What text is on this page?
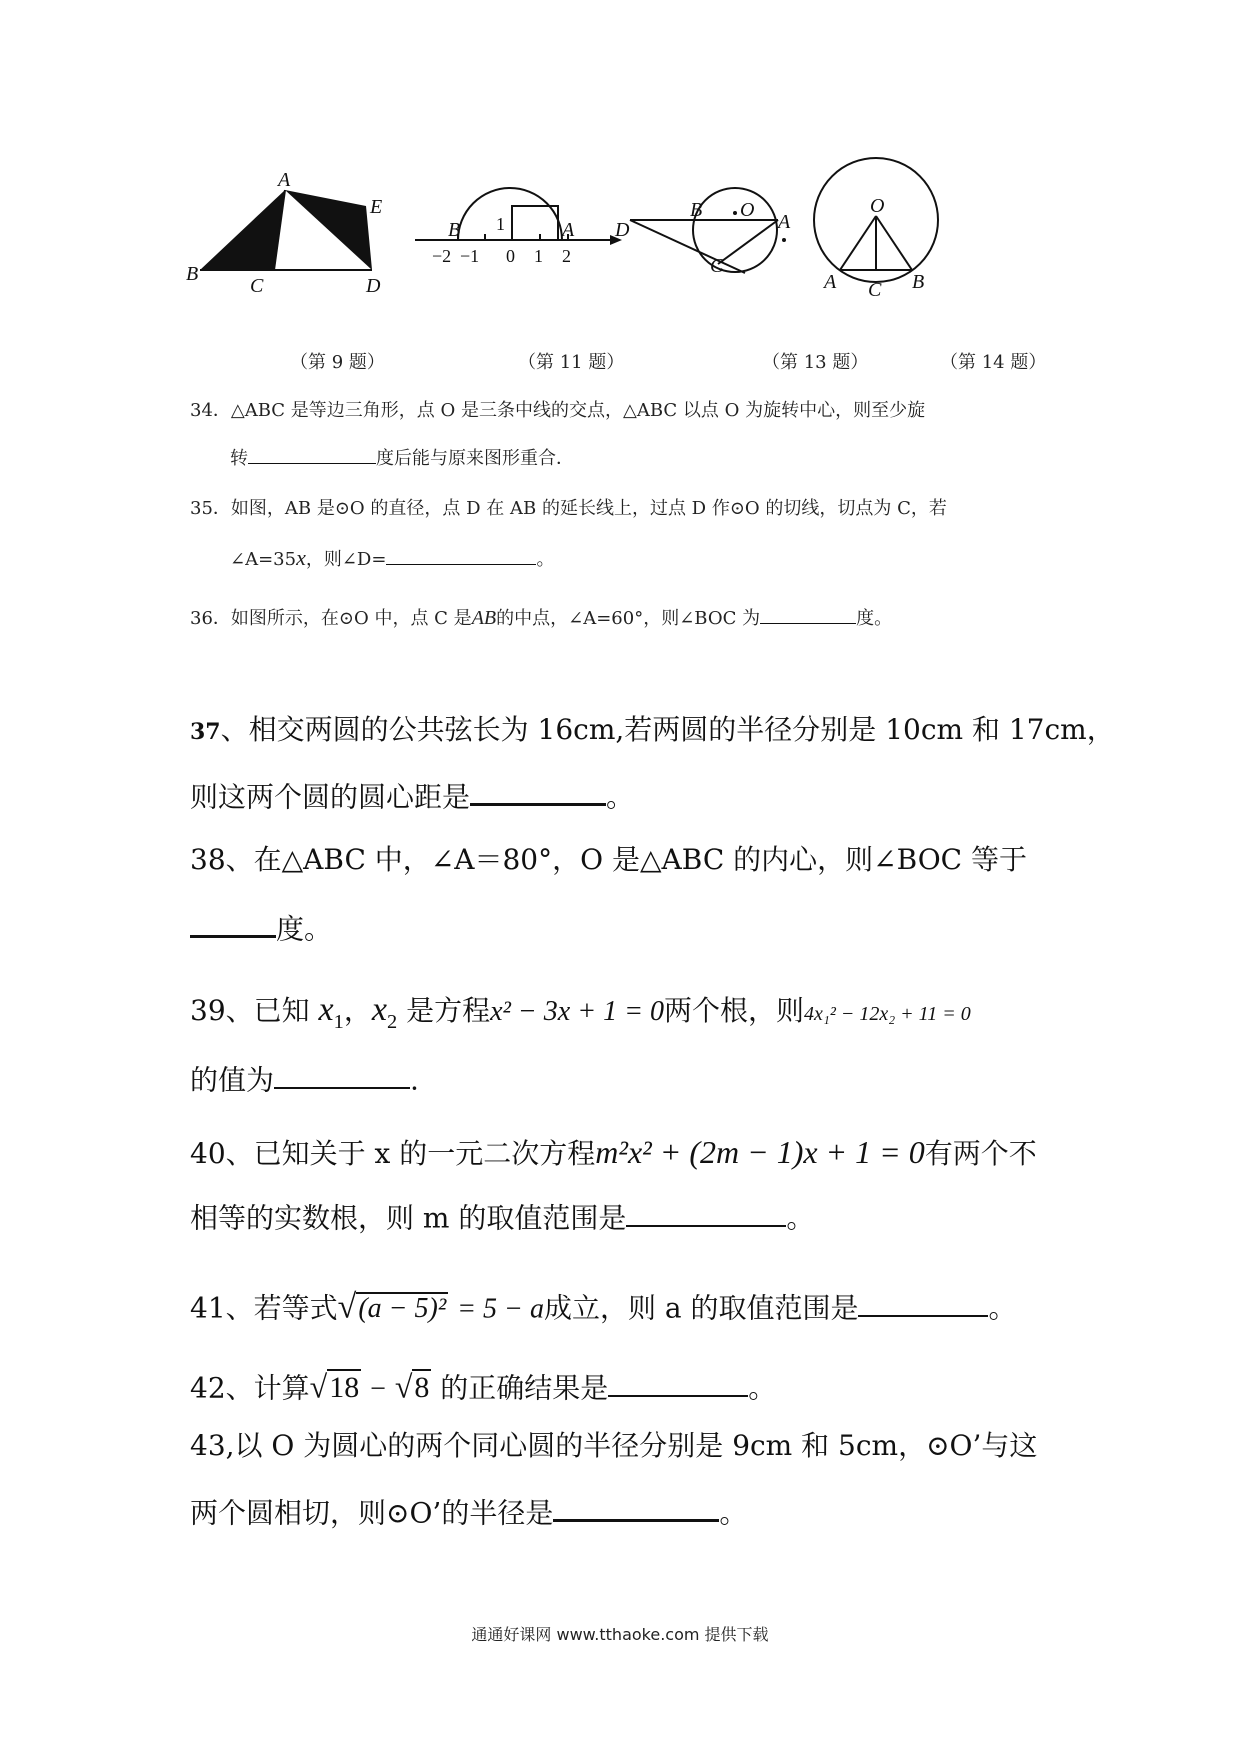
A
E
B
C	D
B	A
1
−2 −1 0 1 2
D
B O
A
C
O
A C B
（第 9 题）	（第 11 题）	（第 13 题）	（第 14 题）
34．△ABC 是等边三角形，点 O 是三条中线的交点，△ABC 以点 O 为旋转中心，则至少旋
转	度后能与原来图形重合．
35．如图，AB 是⊙O 的直径，点 D 在 AB 的延长线上，过点 D 作⊙O 的切线，切点为 C，若
∠A=35x，则∠D=	。
36．如图所示，在⊙O 中，点 C 是AB的中点，∠A=60°，则∠BOC 为	度。
37、相交两圆的公共弦长为 16cm,若两圆的半径分别是 10cm 和 17cm，
则这两个圆的圆心距是	。
38、在△ABC 中，∠A＝80°，O 是△ABC 的内心，则∠BOC 等于
度。
39、已知 $x_1$，$x_2$ 是方程x² − 3x + 1 = 0两个根，则4x₁² − 12x₂ + 11 = 0
的值为	.
40、已知关于 x 的一元二次方程m²x² + (2m − 1)x + 1 = 0有两个不
相等的实数根，则 m 的取值范围是	。
41、若等式√(a − 5)² = 5 − a成立，则 a 的取值范围是	。
42、计算√18 − √8 的正确结果是	。
43,以 O 为圆心的两个同心圆的半径分别是 9cm 和 5cm，⊙O’与这
两个圆相切，则⊙O’的半径是	。
通通好课网 www.tthaoke.com 提供下载
